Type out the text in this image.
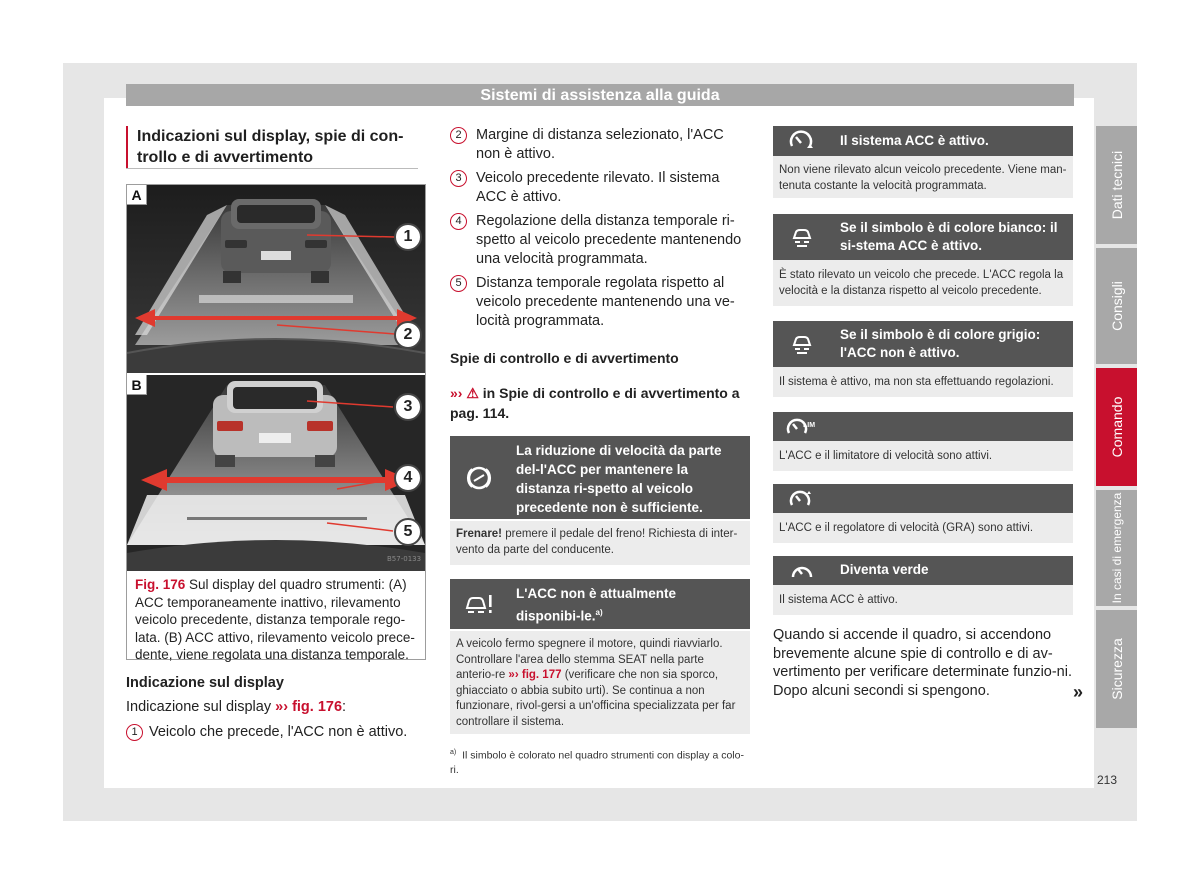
Sistemi di assistenza alla guida
Indicazioni sul display, spie di con-trollo e di avvertimento
A
B
1
2
3
4
5
B57-0133
Fig. 176 Sul display del quadro strumenti: (A) ACC temporaneamente inattivo, rilevamento veicolo precedente, distanza temporale rego-lata. (B) ACC attivo, rilevamento veicolo prece-dente, viene regolata una distanza temporale.
Indicazione sul display
Indicazione sul display »› fig. 176:
1 Veicolo che precede, l'ACC non è attivo.
2 Margine di distanza selezionato, l'ACC non è attivo.
3 Veicolo precedente rilevato. Il sistema ACC è attivo.
4 Regolazione della distanza temporale ri-spetto al veicolo precedente mantenendo una velocità programmata.
5 Distanza temporale regolata rispetto al veicolo precedente mantenendo una ve-locità programmata.
Spie di controllo e di avvertimento
»› ⚠ in Spie di controllo e di avvertimento a pag. 114.
La riduzione di velocità da parte del-l'ACC per mantenere la distanza ri-spetto al veicolo precedente non è sufficiente.
Frenare! premere il pedale del freno! Richiesta di inter-vento da parte del conducente.
L'ACC non è attualmente disponibi-le.$^{a)}$
A veicolo fermo spegnere il motore, quindi riavviarlo. Controllare l'area dello stemma SEAT nella parte anterio-re »› fig. 177 (verificare che non sia sporco, ghiacciato o abbia subito urti). Se continua a non funzionare, rivol-gersi a un'officina specializzata per far controllare il sistema.
$^{a)}$ Il simbolo è colorato nel quadro strumenti con display a colo-ri.
Il sistema ACC è attivo.
Non viene rilevato alcun veicolo precedente. Viene man-tenuta costante la velocità programmata.
Se il simbolo è di colore bianco: il si-stema ACC è attivo.
È stato rilevato un veicolo che precede. L'ACC regola la velocità e la distanza rispetto al veicolo precedente.
Se il simbolo è di colore grigio: l'ACC non è attivo.
Il sistema è attivo, ma non sta effettuando regolazioni.
LIM
L'ACC e il limitatore di velocità sono attivi.
L'ACC e il regolatore di velocità (GRA) sono attivi.
Diventa verde
Il sistema ACC è attivo.
Quando si accende il quadro, si accendono brevemente alcune spie di controllo e di av-vertimento per verificare determinate funzio-ni. Dopo alcuni secondi si spengono.	»
Dati tecnici
Consigli
Comando
In casi di emergenza
Sicurezza
213
